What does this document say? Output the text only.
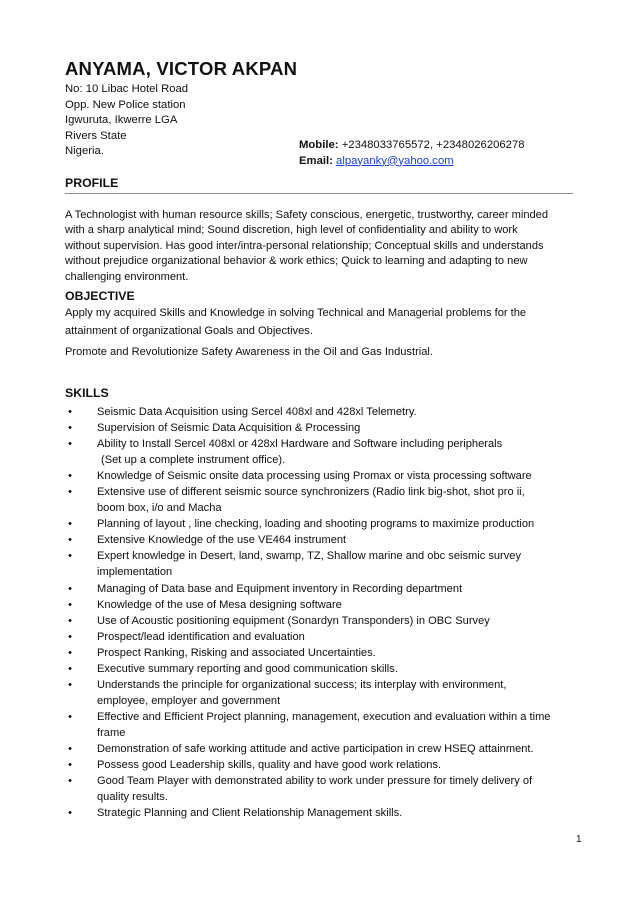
ANYAMA, VICTOR AKPAN
No: 10 Libac Hotel Road
Opp. New Police station
Igwuruta, Ikwerre LGA
Rivers State
Nigeria.
Mobile: +2348033765572, +2348026206278
Email: alpayanky@yahoo.com
PROFILE
A Technologist with human resource skills; Safety conscious, energetic, trustworthy, career minded
with a sharp analytical mind; Sound discretion, high level of confidentiality and ability to work
without supervision. Has good inter/intra-personal relationship; Conceptual skills and understands
without prejudice organizational behavior & work ethics; Quick to learning and adapting to new
challenging environment.
OBJECTIVE
Apply my acquired Skills and Knowledge in solving Technical and Managerial problems for the
attainment of organizational Goals and Objectives.
Promote and Revolutionize Safety Awareness in the Oil and Gas Industrial.
SKILLS
• Seismic Data Acquisition using Sercel 408xl and 428xl Telemetry.
• Supervision of Seismic Data Acquisition & Processing
• Ability to Install Sercel 408xl or 428xl Hardware and Software including peripherals
(Set up a complete instrument office).
• Knowledge of Seismic onsite data processing using Promax or vista processing software
• Extensive use of different seismic source synchronizers (Radio link big-shot, shot pro ii,
boom box, i/o and Macha
• Planning of layout , line checking, loading and shooting programs to maximize production
• Extensive Knowledge of the use VE464 instrument
• Expert knowledge in Desert, land, swamp, TZ, Shallow marine and obc seismic survey
implementation
• Managing of Data base and Equipment inventory in Recording department
• Knowledge of the use of Mesa designing software
• Use of Acoustic positioning equipment (Sonardyn Transponders) in OBC Survey
• Prospect/lead identification and evaluation
• Prospect Ranking, Risking and associated Uncertainties.
• Executive summary reporting and good communication skills.
• Understands the principle for organizational success; its interplay with environment,
employee, employer and government
• Effective and Efficient Project planning, management, execution and evaluation within a time
frame
• Demonstration of safe working attitude and active participation in crew HSEQ attainment.
• Possess good Leadership skills, quality and have good work relations.
• Good Team Player with demonstrated ability to work under pressure for timely delivery of
quality results.
• Strategic Planning and Client Relationship Management skills.
1
